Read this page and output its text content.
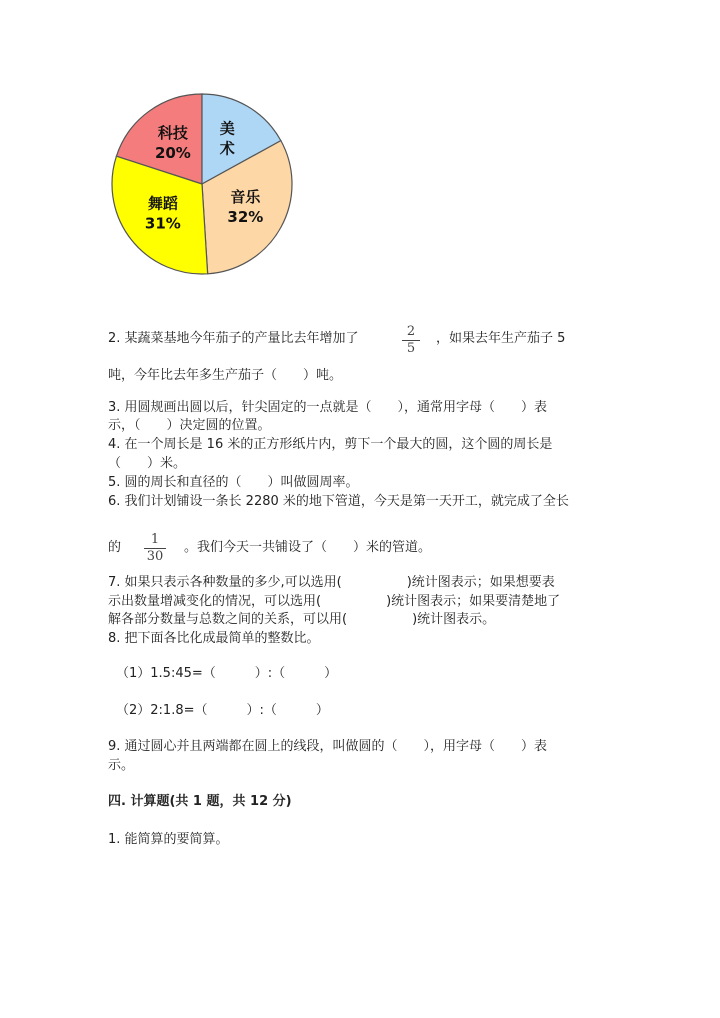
科技
20% 术
美
音乐
32%
舞蹈
31%
2. 某蔬菜基地今年茄子的产量比去年增加了	2
5
，如果去年生产茄子 5
吨，今年比去年多生产茄子（　　）吨。
3. 用圆规画出圆以后，针尖固定的一点就是（　　），通常用字母（　　）表
示，（　　）决定圆的位置。
4. 在一个周长是 16 米的正方形纸片内，剪下一个最大的圆，这个圆的周长是
（　　）米。
5. 圆的周长和直径的（　　）叫做圆周率。
6. 我们计划铺设一条长 2280 米的地下管道，今天是第一天开工，就完成了全长
的
1
30
。我们今天一共铺设了（　　）米的管道。
7. 如果只表示各种数量的多少,可以选用(　　　　　)统计图表示；如果想要表
示出数量增减变化的情况，可以选用(　　　　　)统计图表示；如果要清楚地了
解各部分数量与总数之间的关系，可以用(　　　　　)统计图表示。
8. 把下面各比化成最简单的整数比。
（1）1.5:45=（　　　）:（　　　）
（2）2:1.8=（　　　）:（　　　）
9. 通过圆心并且两端都在圆上的线段，叫做圆的（　　），用字母（　　）表
示。
四. 计算题(共 1 题，共 12 分)
1. 能简算的要简算。
